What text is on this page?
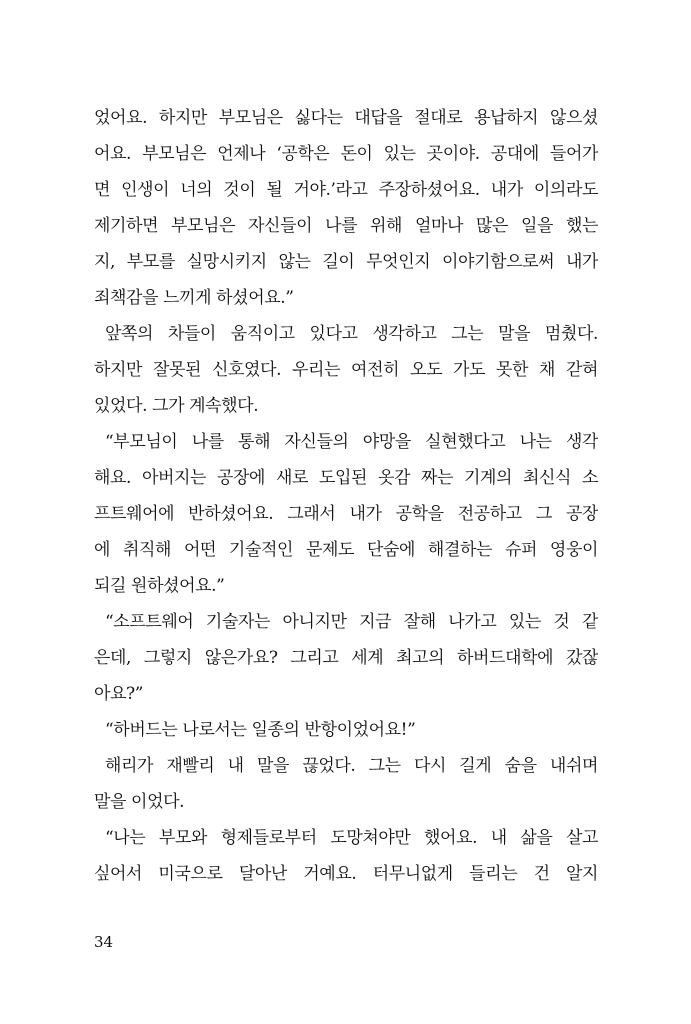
었어요. 하지만 부모님은 싫다는 대답을 절대로 용납하지 않으셨
어요. 부모님은 언제나 ‘공학은 돈이 있는 곳이야. 공대에 들어가
면 인생이 너의 것이 될 거야.’라고 주장하셨어요. 내가 이의라도
제기하면 부모님은 자신들이 나를 위해 얼마나 많은 일을 했는
지, 부모를 실망시키지 않는 길이 무엇인지 이야기함으로써 내가
죄책감을 느끼게 하셨어요.”
앞쪽의 차들이 움직이고 있다고 생각하고 그는 말을 멈췄다.
하지만 잘못된 신호였다. 우리는 여전히 오도 가도 못한 채 갇혀
있었다. 그가 계속했다.
“부모님이 나를 통해 자신들의 야망을 실현했다고 나는 생각
해요. 아버지는 공장에 새로 도입된 옷감 짜는 기계의 최신식 소
프트웨어에 반하셨어요. 그래서 내가 공학을 전공하고 그 공장
에 취직해 어떤 기술적인 문제도 단숨에 해결하는 슈퍼 영웅이
되길 원하셨어요.”
“소프트웨어 기술자는 아니지만 지금 잘해 나가고 있는 것 같
은데, 그렇지 않은가요? 그리고 세계 최고의 하버드대학에 갔잖
아요?”
“하버드는 나로서는 일종의 반항이었어요!”
해리가 재빨리 내 말을 끊었다. 그는 다시 길게 숨을 내쉬며
말을 이었다.
“나는 부모와 형제들로부터 도망쳐야만 했어요. 내 삶을 살고
싶어서 미국으로 달아난 거예요. 터무니없게 들리는 건 알지
34
